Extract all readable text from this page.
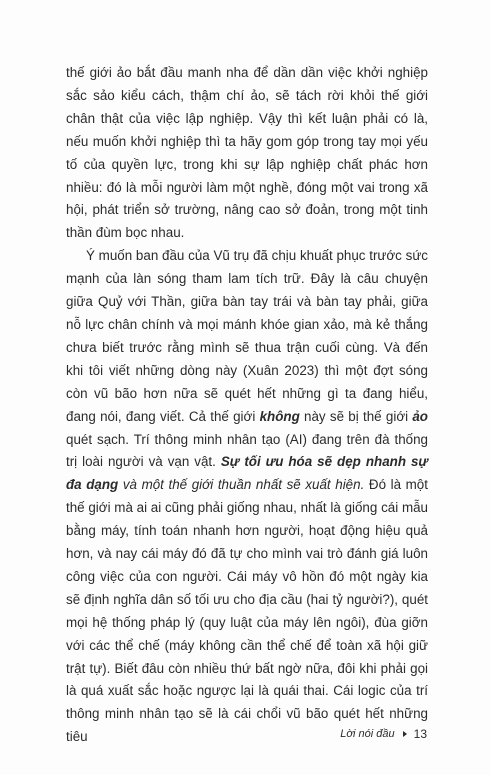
thế giới ảo bắt đầu manh nha để dần dần việc khởi nghiệp sắc sảo kiểu cách, thậm chí ảo, sẽ tách rời khỏi thế giới chân thật của việc lập nghiệp. Vậy thì kết luận phải có là, nếu muốn khởi nghiệp thì ta hãy gom góp trong tay mọi yếu tố của quyền lực, trong khi sự lập nghiệp chất phác hơn nhiều: đó là mỗi người làm một nghề, đóng một vai trong xã hội, phát triển sở trường, nâng cao sở đoản, trong một tinh thần đùm bọc nhau.

Ý muốn ban đầu của Vũ trụ đã chịu khuất phục trước sức mạnh của làn sóng tham lam tích trữ. Đây là câu chuyện giữa Quỷ với Thần, giữa bàn tay trái và bàn tay phải, giữa nỗ lực chân chính và mọi mánh khóe gian xảo, mà kẻ thắng chưa biết trước rằng mình sẽ thua trận cuối cùng. Và đến khi tôi viết những dòng này (Xuân 2023) thì một đợt sóng còn vũ bão hơn nữa sẽ quét hết những gì ta đang hiểu, đang nói, đang viết. Cả thế giới không này sẽ bị thế giới ảo quét sạch. Trí thông minh nhân tạo (AI) đang trên đà thống trị loài người và vạn vật. Sự tối ưu hóa sẽ dẹp nhanh sự đa dạng và một thế giới thuần nhất sẽ xuất hiện. Đó là một thế giới mà ai ai cũng phải giống nhau, nhất là giống cái mẫu bằng máy, tính toán nhanh hơn người, hoạt động hiệu quả hơn, và nay cái máy đó đã tự cho mình vai trò đánh giá luôn công việc của con người. Cái máy vô hồn đó một ngày kia sẽ định nghĩa dân số tối ưu cho địa cầu (hai tỷ người?), quét mọi hệ thống pháp lý (quy luật của máy lên ngôi), đùa giỡn với các thể chế (máy không cần thể chế để toàn xã hội giữ trật tự). Biết đâu còn nhiều thứ bất ngờ nữa, đôi khi phải gọi là quá xuất sắc hoặc ngược lại là quái thai. Cái logic của trí thông minh nhân tạo sẽ là cái chổi vũ bão quét hết những tiêu	Lời nói đầu 13
